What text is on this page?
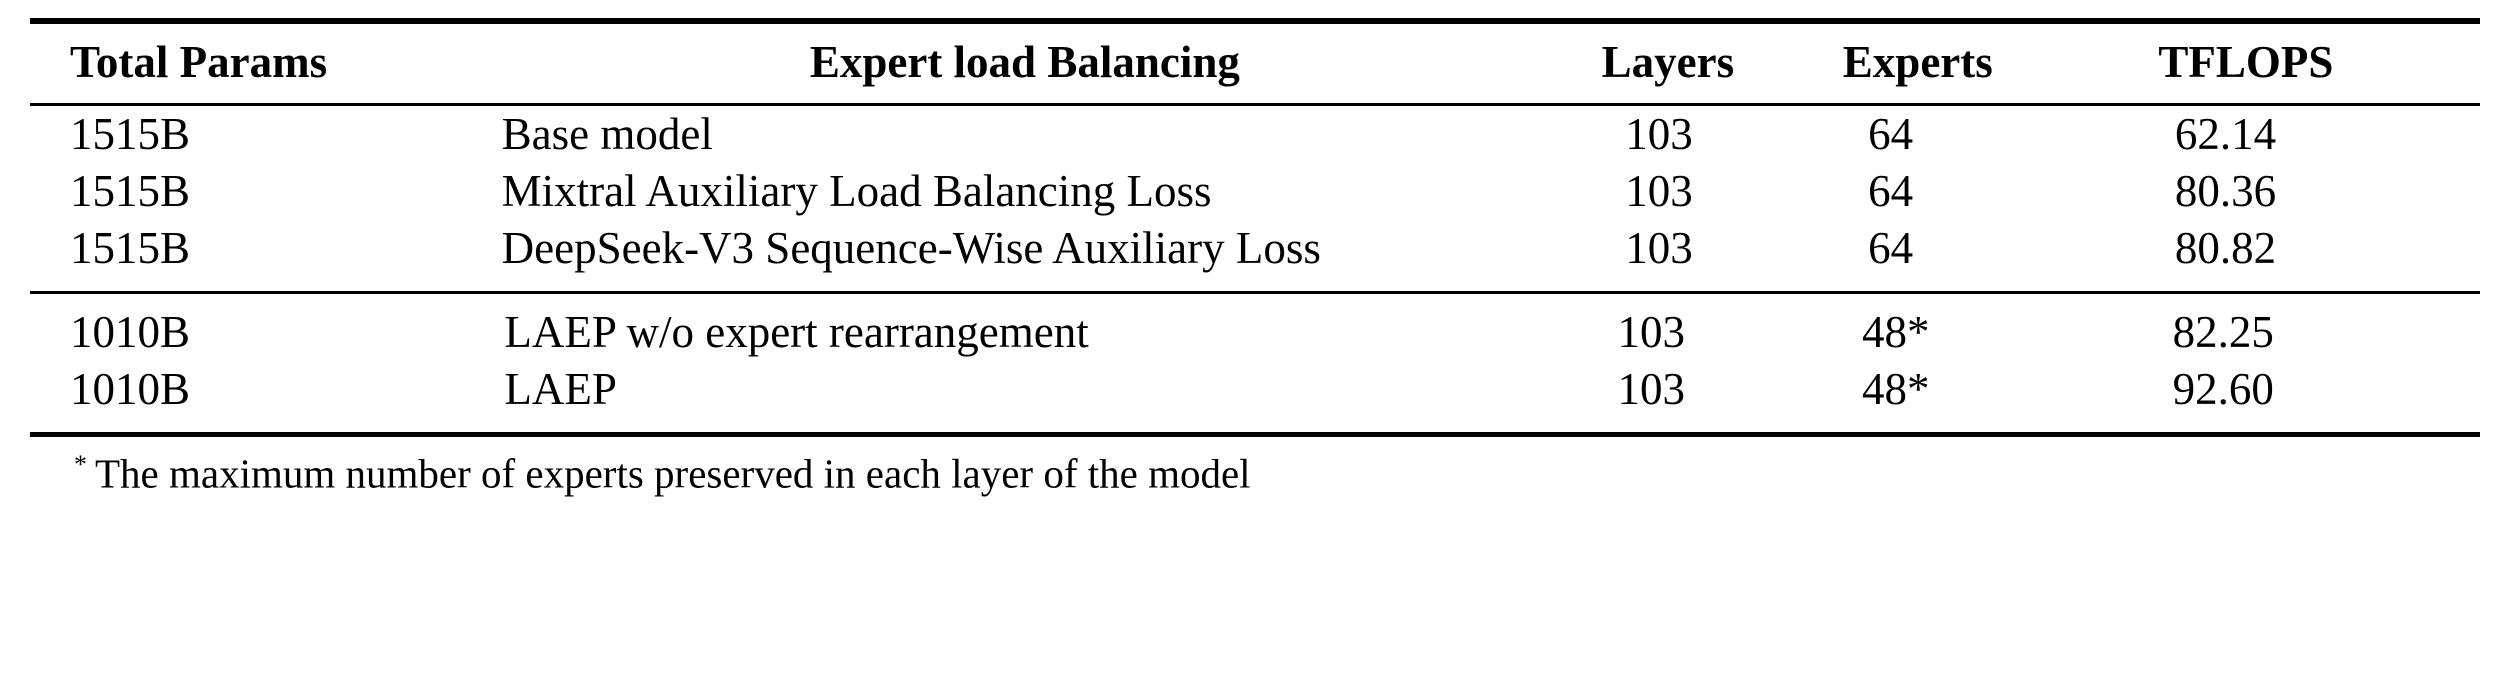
Total Params	Expert load Balancing	Layers	Experts	TFLOPS
1515B	Base model	103	64	62.14
1515B	Mixtral Auxiliary Load Balancing Loss	103	64	80.36
1515B	DeepSeek-V3 Sequence-Wise Auxiliary Loss	103	64	80.82
1010B	LAEP w/o expert rearrangement	103	48*	82.25
1010B	LAEP	103	48*	92.60
* The maximum number of experts preserved in each layer of the model
